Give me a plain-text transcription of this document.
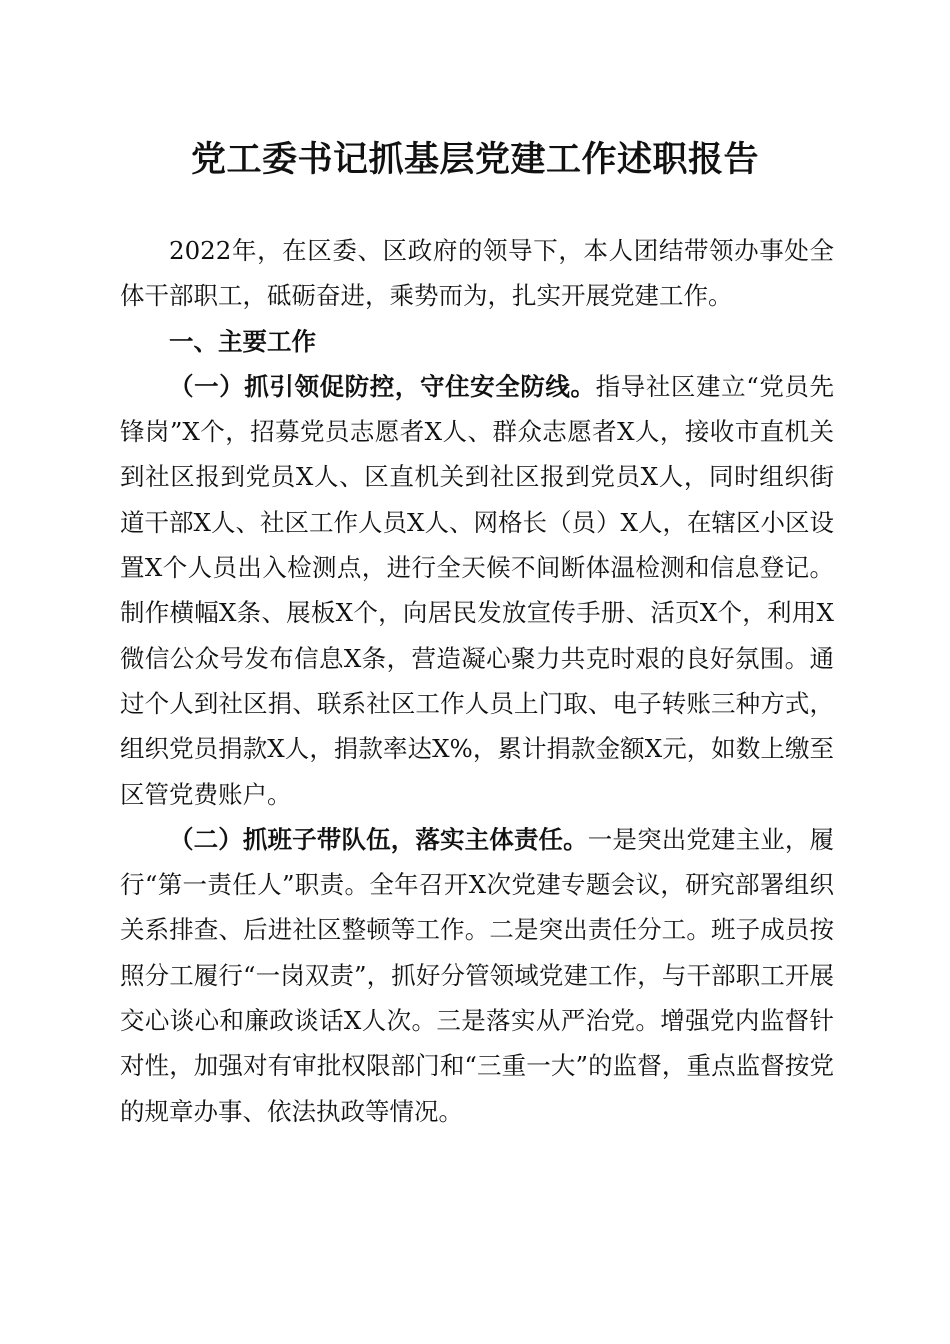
党工委书记抓基层党建工作述职报告

2022年，在区委、区政府的领导下，本人团结带领办事处全体干部职工，砥砺奋进，乘势而为，扎实开展党建工作。

一、主要工作

（一）抓引领促防控，守住安全防线。指导社区建立“党员先锋岗”X个，招募党员志愿者X人、群众志愿者X人，接收市直机关到社区报到党员X人、区直机关到社区报到党员X人，同时组织街道干部X人、社区工作人员X人、网格长（员）X人，在辖区小区设置X个人员出入检测点，进行全天候不间断体温检测和信息登记。制作横幅X条、展板X个，向居民发放宣传手册、活页X个，利用X微信公众号发布信息X条，营造凝心聚力共克时艰的良好氛围。通过个人到社区捐、联系社区工作人员上门取、电子转账三种方式，组织党员捐款X人，捐款率达X%，累计捐款金额X元，如数上缴至区管党费账户。

（二）抓班子带队伍，落实主体责任。一是突出党建主业，履行“第一责任人”职责。全年召开X次党建专题会议，研究部署组织关系排查、后进社区整顿等工作。二是突出责任分工。班子成员按照分工履行“一岗双责”，抓好分管领域党建工作，与干部职工开展交心谈心和廉政谈话X人次。三是落实从严治党。增强党内监督针对性，加强对有审批权限部门和“三重一大”的监督，重点监督按党的规章办事、依法执政等情况。
